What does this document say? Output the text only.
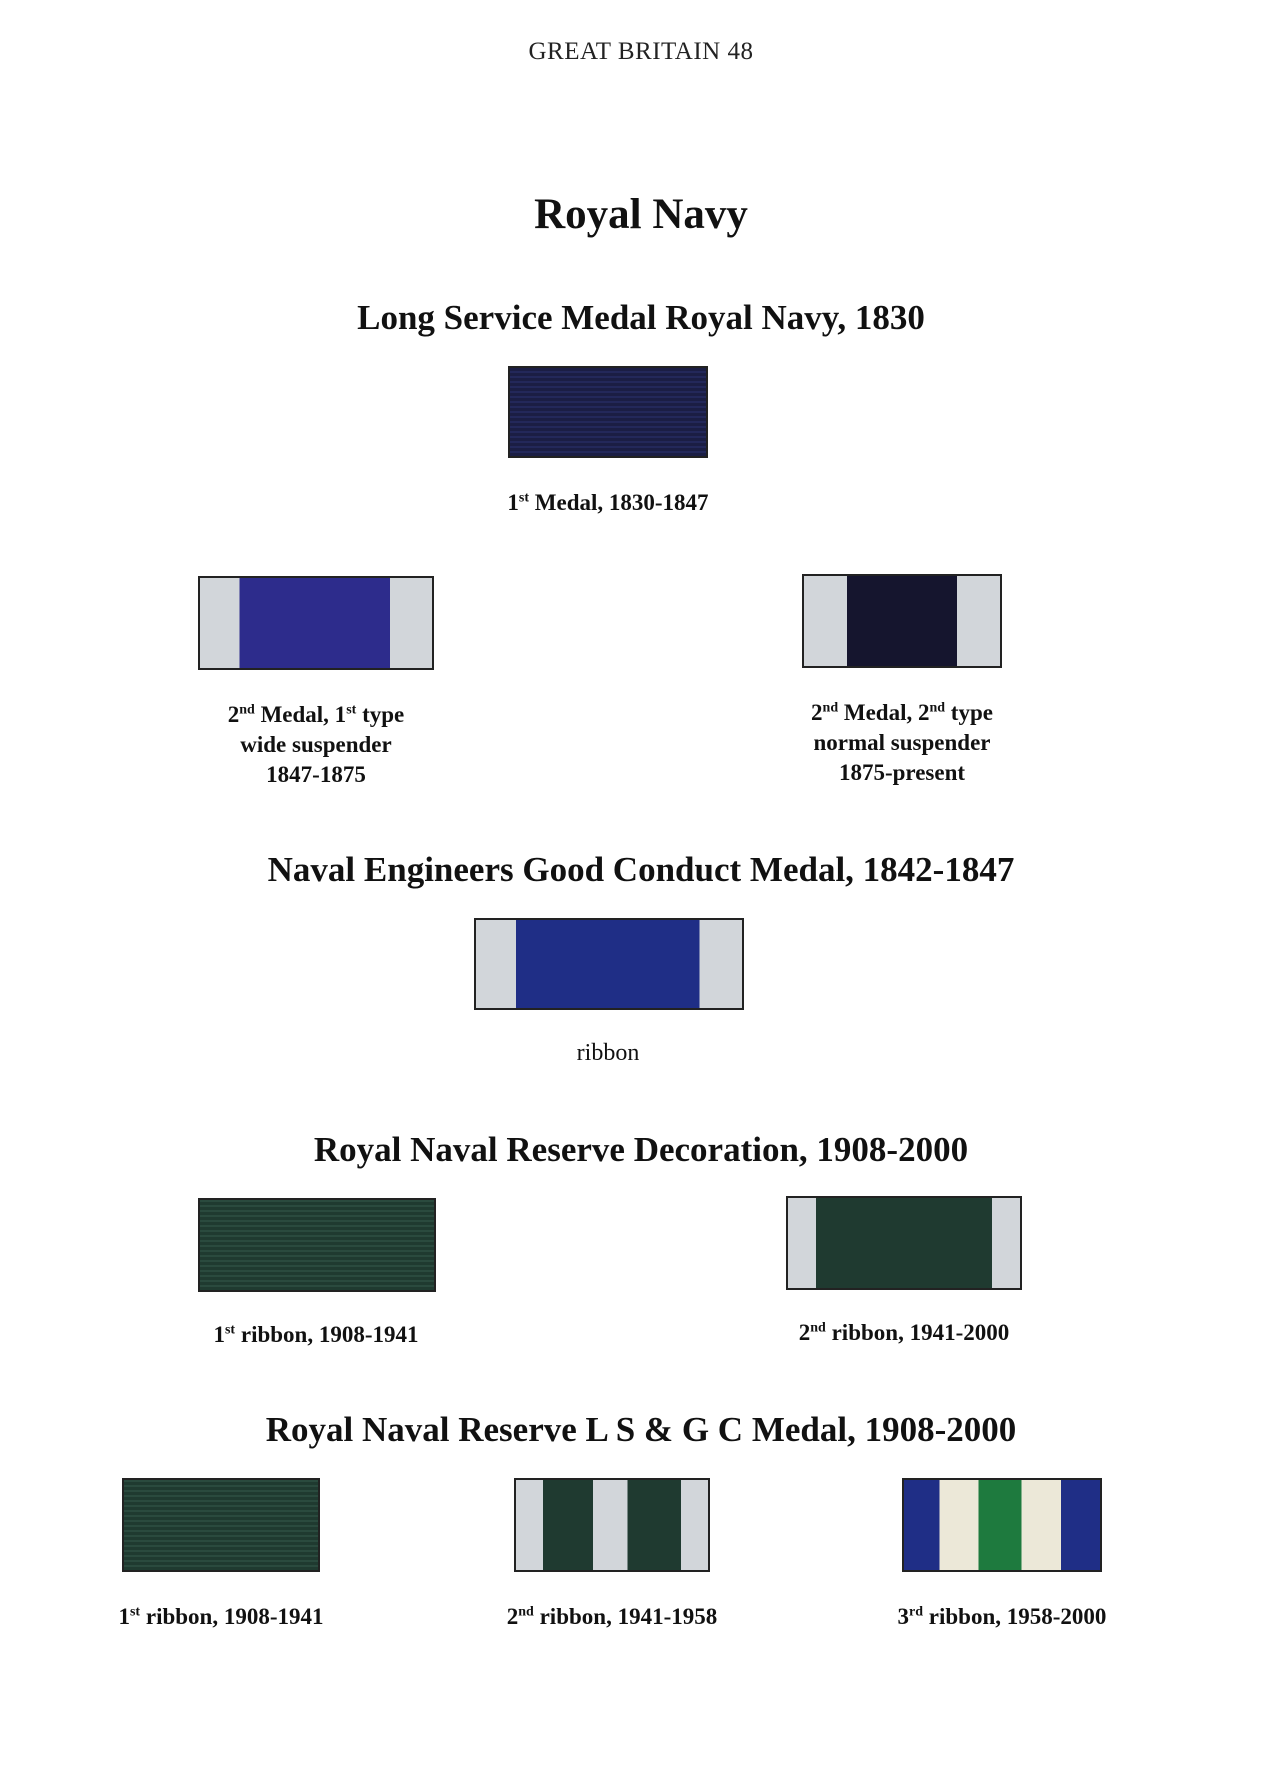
GREAT BRITAIN 48
Royal Navy
Long Service Medal Royal Navy, 1830
1st Medal, 1830-1847
2nd Medal, 1st type
wide suspender
1847-1875
2nd Medal, 2nd type
normal suspender
1875-present
Naval Engineers Good Conduct Medal, 1842-1847
ribbon
Royal Naval Reserve Decoration, 1908-2000
1st ribbon, 1908-1941	2nd ribbon, 1941-2000
Royal Naval Reserve L S & G C Medal, 1908-2000
1st ribbon, 1908-1941	2nd ribbon, 1941-1958	3rd ribbon, 1958-2000
